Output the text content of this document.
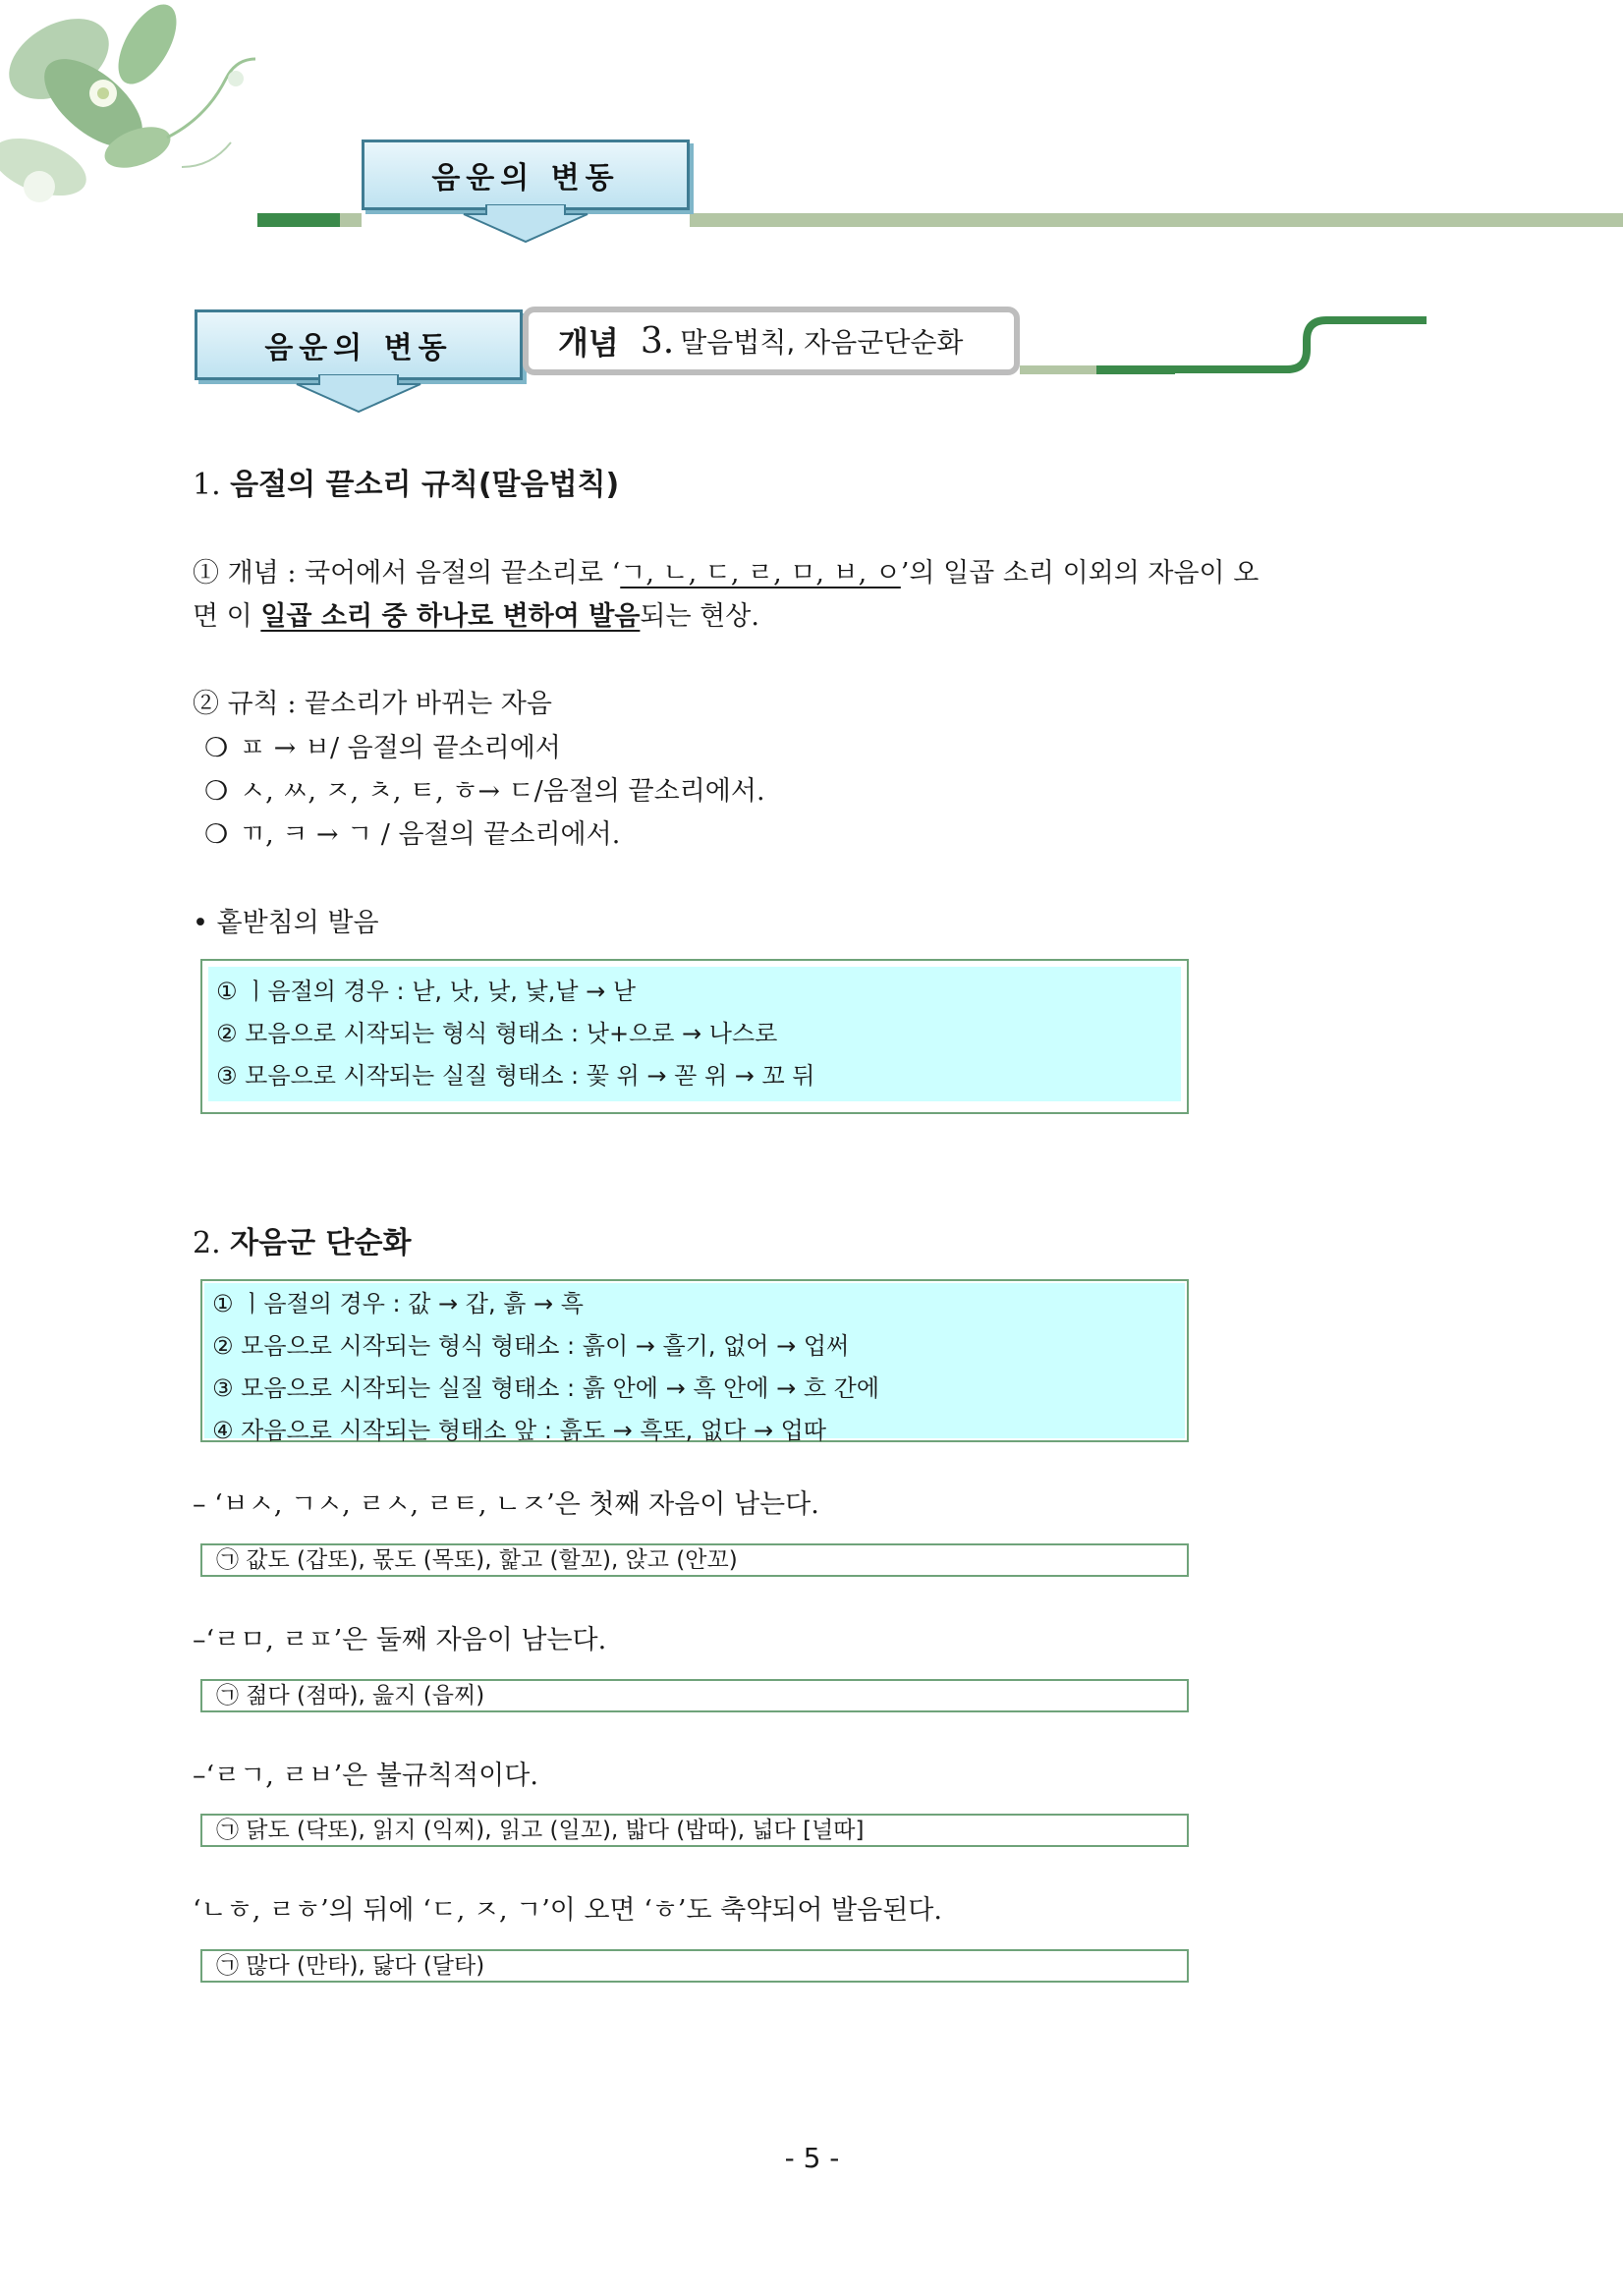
음운의 변동
음운의 변동	개념 3. 말음법칙, 자음군단순화
1. 음절의 끝소리 규칙(말음법칙)
① 개념 : 국어에서 음절의 끝소리로 ‘ㄱ, ㄴ, ㄷ, ㄹ, ㅁ, ㅂ, ㅇ’의 일곱 소리 이외의 자음이 오
면 이 일곱 소리 중 하나로 변하여 발음되는 현상.
② 규칙 : 끝소리가 바뀌는 자음
❍ ㅍ → ㅂ/ 음절의 끝소리에서
❍ ㅅ, ㅆ, ㅈ, ㅊ, ㅌ, ㅎ→ ㄷ/음절의 끝소리에서.
❍ ㄲ, ㅋ → ㄱ / 음절의 끝소리에서.
• 홑받침의 발음
① ㅣ음절의 경우 : 낟, 낫, 낮, 낯,낱 → 낟
② 모음으로 시작되는 형식 형태소 : 낫+으로 → 나스로
③ 모음으로 시작되는 실질 형태소 : 꽃 위 → 꼳 위 → 꼬 뒤
2. 자음군 단순화
① ㅣ음절의 경우 : 값 → 갑, 흙 → 흑
② 모음으로 시작되는 형식 형태소 : 흙이 → 흘기, 없어 → 업써
③ 모음으로 시작되는 실질 형태소 : 흙 안에 → 흑 안에 → 흐 간에
④ 자음으로 시작되는 형태소 앞 : 흙도 → 흑또, 없다 → 업따
– ‘ㅂㅅ, ㄱㅅ, ㄹㅅ, ㄹㅌ, ㄴㅈ’은 첫째 자음이 남는다.
㉠ 값도 (갑또), 몫도 (목또), 핥고 (할꼬), 앉고 (안꼬)
–‘ㄹㅁ, ㄹㅍ’은 둘째 자음이 남는다.
㉠ 젊다 (점따), 읊지 (읍찌)
–‘ㄹㄱ, ㄹㅂ’은 불규칙적이다.
㉠ 닭도 (닥또), 읽지 (익찌), 읽고 (일꼬), 밟다 (밥따), 넓다 [널따]
‘ㄴㅎ, ㄹㅎ’의 뒤에 ‘ㄷ, ㅈ, ㄱ’이 오면 ‘ㅎ’도 축약되어 발음된다.
㉠ 많다 (만타), 닳다 (달타)
- 5 -
